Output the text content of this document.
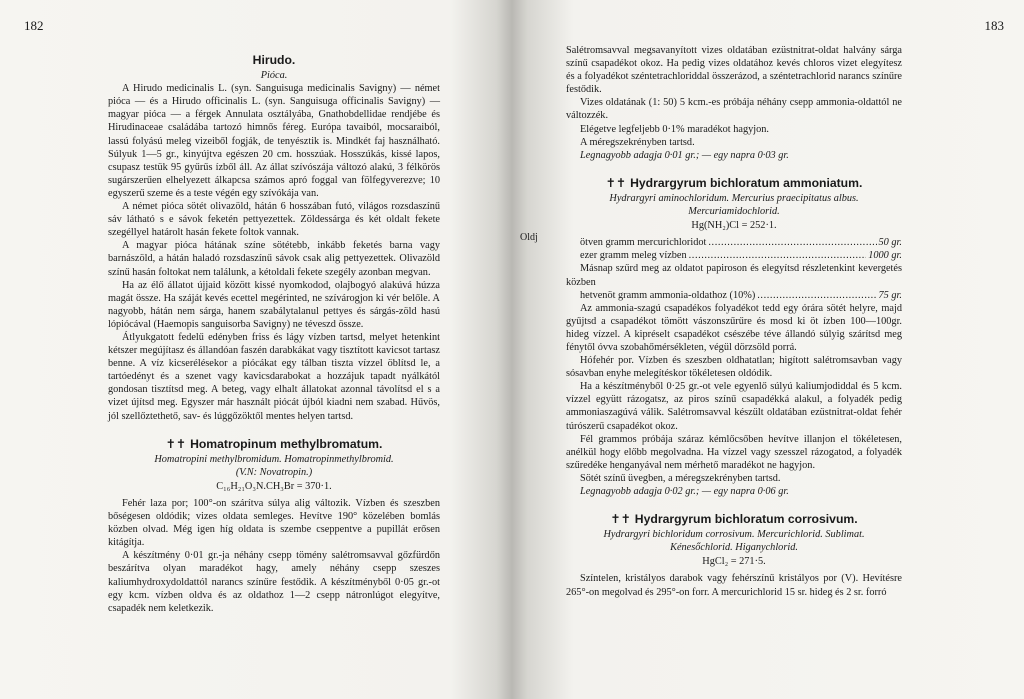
182
Hirudo.
Pióca.

A Hirudo medicinalis L. (syn. Sanguisuga medicinalis Savigny) — német pióca — és a Hirudo officinalis L. (syn. Sanguisuga officinalis Savigny) — magyar pióca — a férgek Annulata osztályába, Gnathobdellidae rendjébe és Hirudinaceae családába tartozó himnős féreg. Európa tavaiból, mocsaraiból, lassú folyású meleg vizeiből fogják, de tenyésztik is. Mindkét faj használható. Súlyuk 1—5 gr., kinyújtva egészen 20 cm. hosszúak. Hosszúkás, kissé lapos, csupasz testük 95 gyűrűs ízből áll. Az állat szívószája változó alakú, 3 félkörös sugárszerűen elhelyezett álkapcsa számos apró foggal van fölfegyverezve; 10 egyszerű szeme és a teste végén egy szívókája van.

A német pióca sötét olivazöld, hátán 6 hosszában futó, világos rozsdaszínű sáv látható s e sávok feketén pettyezettek. Zöldessárga és két oldalt fekete szegéllyel határolt hasán fekete foltok vannak.

A magyar pióca hátának színe sötétebb, inkább feketés barna vagy barnászöld, a hátán haladó rozsdaszínű sávok csak alig pettyezettek. Olivazöld színű hasán foltokat nem találunk, a kétoldali fekete szegély azonban megvan.

Ha az élő állatot újjaid között kissé nyomkodod, olajbogyó alakúvá húzza magát össze. Ha száját kevés ecettel megérinted, ne szívárogjon ki vér belőle. A nagyobb, hátán nem sárga, hanem szabálytalanul pettyes és sárgás-zöld hasú lópiócával (Haemopis sanguisorba Savigny) ne téveszd össze.

Átlyukgatott fedelű edényben friss és lágy vízben tartsd, melyet hetenkint kétszer megújítasz és állandóan faszén darabkákat vagy tisztított kavicsot tartasz benne. A víz kicserélésekor a piócákat egy tálban tiszta vízzel öblítsd le, a tartóedényt és a szenet vagy kavicsdarabokat a hozzájuk tapadt nyálkától gondosan tisztítsd meg. A beteg, vagy elhalt állatokat azonnal távolítsd el s a vizet újítsd meg. Egyszer már használt piócát újból kiadni nem szabad. Hűvös, jól szellőztethető, sav- és lúggőzöktől mentes helyen tartsd.

✝✝ Homatropinum methylbromatum.
Homatropini methylbromidum. Homatropinmethylbromid.
(V.N: Novatropin.)
C₁₆H₂₁O₃N.CH₃Br = 370·1.

Fehér laza por; 100°-on szárítva súlya alig változik. Vízben és szeszben bőségesen oldódik; vizes oldata semleges. Hevítve 190° közelében bomlás közben olvad. Még igen híg oldata is szembe cseppentve a pupillát erősen kitágítja.

A készítmény 0·01 gr.-ja néhány csepp tömény salétromsavval gőzfürdőn beszárítva olyan maradékot hagy, amely néhány csepp szeszes kaliumhydroxydoldattól narancs színűre festődik. A készítményből 0·05 gr.-ot egy kcm. vízben oldva és az oldathoz 1—2 csepp nátronlúgot elegyítve, csapadék nem keletkezik.

183
Oldj

Salétromsavval megsavanyított vizes oldatában ezüstnitrat-oldat halvány sárga színű csapadékot okoz. Ha pedig vizes oldatához kevés chloros vizet elegyítesz és a folyadékot széntetrachloriddal összerázod, a széntetrachlorid narancs színűre festődik.

Vizes oldatának (1: 50) 5 kcm.-es próbája néhány csepp ammonia-oldattól ne változzék.

Elégetve legfeljebb 0·1% maradékot hagyjon.

A méregszekrényben tartsd.

Legnagyobb adagja 0·01 gr.; — egy napra 0·03 gr.

✝✝ Hydrargyrum bichloratum ammoniatum.
Hydrargyri aminochloridum. Mercurius praecipitatus albus.
Mercuriamidochlorid.
Hg(NH₂)Cl = 252·1.
ötven gramm mercurichloridot . . .	50 gr.
ezer gramm meleg vízben . . .	1000 gr.

Másnap szűrd meg az oldatot papiroson és elegyítsd részletenkint kevergetés közben

hetvenöt gramm ammonia-oldathoz (10%) . . .	75 gr.

Az ammonia-szagú csapadékos folyadékot tedd egy órára sötét helyre, majd gyűjtsd a csapadékot tömött vászonszűrűre és mosd ki öt ízben 100—100gr. hideg vízzel. A kipréselt csapadékot csészébe téve állandó súlyig szárítsd meg fénytől óvva szobahőmérsékleten, végül dörzsöld porrá.

Hófehér por. Vízben és szeszben oldhatatlan; higított salétromsavban vagy sósavban enyhe melegítéskor tökéletesen oldódik.

Ha a készítményből 0·25 gr.-ot vele egyenlő súlyú kaliumjodiddal és 5 kcm. vízzel együtt rázogatsz, az piros színű csapadékká alakul, a folyadék pedig ammoniaszagúvá válik. Salétromsavval készült oldatában ezüstnitrat-oldat fehér túrószerű csapadékot okoz.

Fél grammos próbája száraz kémlőcsőben hevítve illanjon el tökéletesen, anélkül hogy előbb megolvadna. Ha vízzel vagy szesszel rázogatod, a folyadék szűredéke henganyával nem mérhető maradékot ne hagyjon.

Sötét színű üvegben, a méregszekrényben tartsd.

Legnagyobb adagja 0·02 gr.; — egy napra 0·06 gr.

✝✝ Hydrargyrum bichloratum corrosivum.
Hydrargyri bichloridum corrosivum. Mercurichlorid. Sublimat.
Kénesőchlorid. Higanychlorid.
HgCl₂ = 271·5.

Színtelen, kristályos darabok vagy fehérszínű kristályos por (V). Hevítésre 265°-on megolvad és 295°-on forr. A mercurichlorid 15 sr. hideg és 2 sr. forró
